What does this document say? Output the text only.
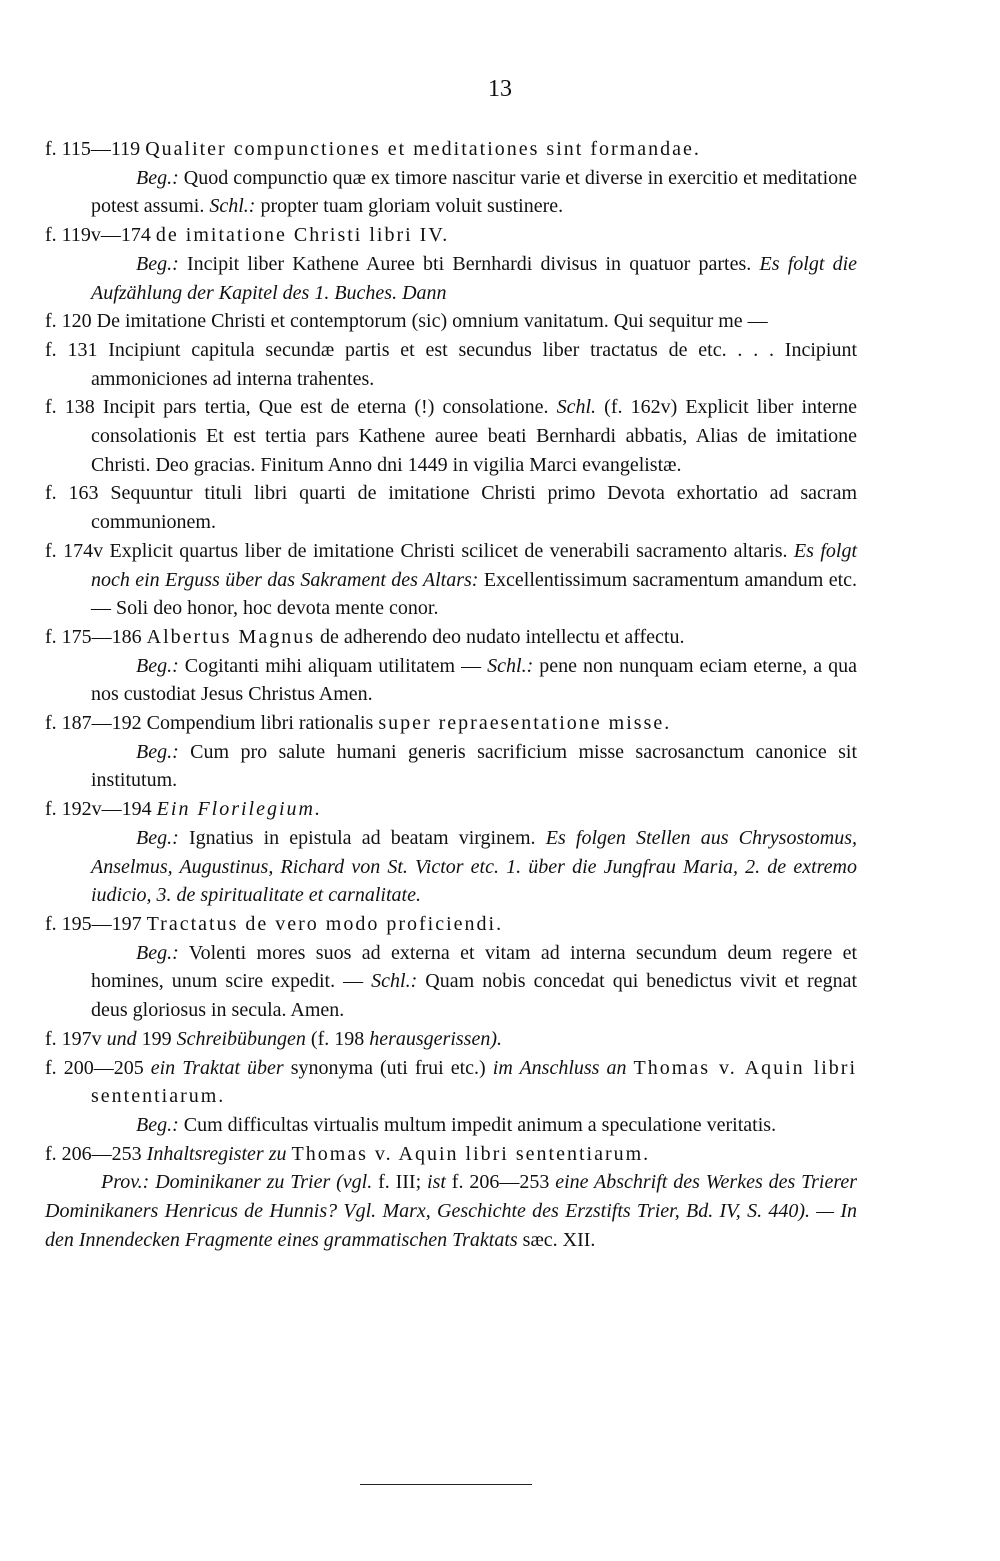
13
f. 115—119 Qualiter compunctiones et meditationes sint formandae.
Beg.: Quod compunctio quæ ex timore nascitur varie et diverse in exercitio et meditatione potest assumi. Schl.: propter tuam gloriam voluit sustinere.
f. 119v—174 de imitatione Christi libri IV.
Beg.: Incipit liber Kathene Auree bti Bernhardi divisus in quatuor partes. Es folgt die Aufzählung der Kapitel des 1. Buches. Dann
f. 120 De imitatione Christi et contemptorum (sic) omnium vanitatum. Qui sequitur me —
f. 131 Incipiunt capitula secundæ partis et est secundus liber tractatus de etc. . . . Incipiunt ammoniciones ad interna trahentes.
f. 138 Incipit pars tertia, Que est de eterna (!) consolatione. Schl. (f. 162v) Explicit liber interne consolationis Et est tertia pars Kathene auree beati Bernhardi abbatis, Alias de imitatione Christi. Deo gracias. Finitum Anno dni 1449 in vigilia Marci evangelistæ.
f. 163 Sequuntur tituli libri quarti de imitatione Christi primo Devota exhortatio ad sacram communionem.
f. 174v Explicit quartus liber de imitatione Christi scilicet de venerabili sacramento altaris. Es folgt noch ein Erguss über das Sakrament des Altars: Excellentissimum sacramentum amandum etc. — Soli deo honor, hoc devota mente conor.
f. 175—186 Albertus Magnus de adherendo deo nudato intellectu et affectu.
Beg.: Cogitanti mihi aliquam utilitatem — Schl.: pene non nunquam eciam eterne, a qua nos custodiat Jesus Christus Amen.
f. 187—192 Compendium libri rationalis super repraesentatione misse.
Beg.: Cum pro salute humani generis sacrificium misse sacrosanctum canonice sit institutum.
f. 192v—194 Ein Florilegium.
Beg.: Ignatius in epistula ad beatam virginem. Es folgen Stellen aus Chrysostomus, Anselmus, Augustinus, Richard von St. Victor etc. 1. über die Jungfrau Maria, 2. de extremo iudicio, 3. de spiritualitate et carnalitate.
f. 195—197 Tractatus de vero modo proficiendi.
Beg.: Volenti mores suos ad externa et vitam ad interna secundum deum regere et homines, unum scire expedit. — Schl.: Quam nobis concedat qui benedictus vivit et regnat deus gloriosus in secula. Amen.
f. 197v und 199 Schreibübungen (f. 198 herausgerissen).
f. 200—205 ein Traktat über synonyma (uti frui etc.) im Anschluss an Thomas v. Aquin libri sententiarum.
Beg.: Cum difficultas virtualis multum impedit animum a speculatione veritatis.
f. 206—253 Inhaltsregister zu Thomas v. Aquin libri sententiarum.
Prov.: Dominikaner zu Trier (vgl. f. III; ist f. 206—253 eine Abschrift des Werkes des Trierer Dominikaners Henricus de Hunnis? Vgl. Marx, Geschichte des Erzstifts Trier, Bd. IV, S. 440). — In den Innendecken Fragmente eines grammatischen Traktats sæc. XII.
